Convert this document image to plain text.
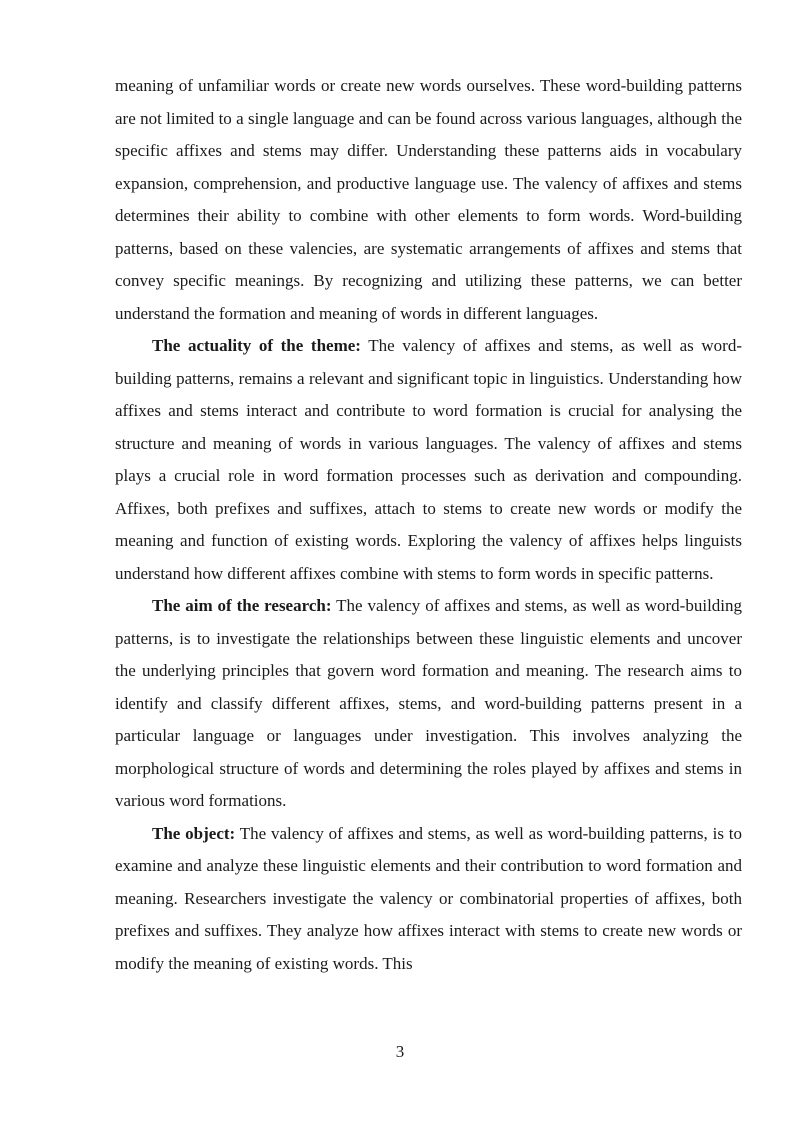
meaning of unfamiliar words or create new words ourselves. These word-building patterns are not limited to a single language and can be found across various languages, although the specific affixes and stems may differ. Understanding these patterns aids in vocabulary expansion, comprehension, and productive language use. The valency of affixes and stems determines their ability to combine with other elements to form words. Word-building patterns, based on these valencies, are systematic arrangements of affixes and stems that convey specific meanings. By recognizing and utilizing these patterns, we can better understand the formation and meaning of words in different languages.

The actuality of the theme: The valency of affixes and stems, as well as word-building patterns, remains a relevant and significant topic in linguistics. Understanding how affixes and stems interact and contribute to word formation is crucial for analysing the structure and meaning of words in various languages. The valency of affixes and stems plays a crucial role in word formation processes such as derivation and compounding. Affixes, both prefixes and suffixes, attach to stems to create new words or modify the meaning and function of existing words. Exploring the valency of affixes helps linguists understand how different affixes combine with stems to form words in specific patterns.

The aim of the research: The valency of affixes and stems, as well as word-building patterns, is to investigate the relationships between these linguistic elements and uncover the underlying principles that govern word formation and meaning. The research aims to identify and classify different affixes, stems, and word-building patterns present in a particular language or languages under investigation. This involves analyzing the morphological structure of words and determining the roles played by affixes and stems in various word formations.

The object: The valency of affixes and stems, as well as word-building patterns, is to examine and analyze these linguistic elements and their contribution to word formation and meaning. Researchers investigate the valency or combinatorial properties of affixes, both prefixes and suffixes. They analyze how affixes interact with stems to create new words or modify the meaning of existing words. This

3
